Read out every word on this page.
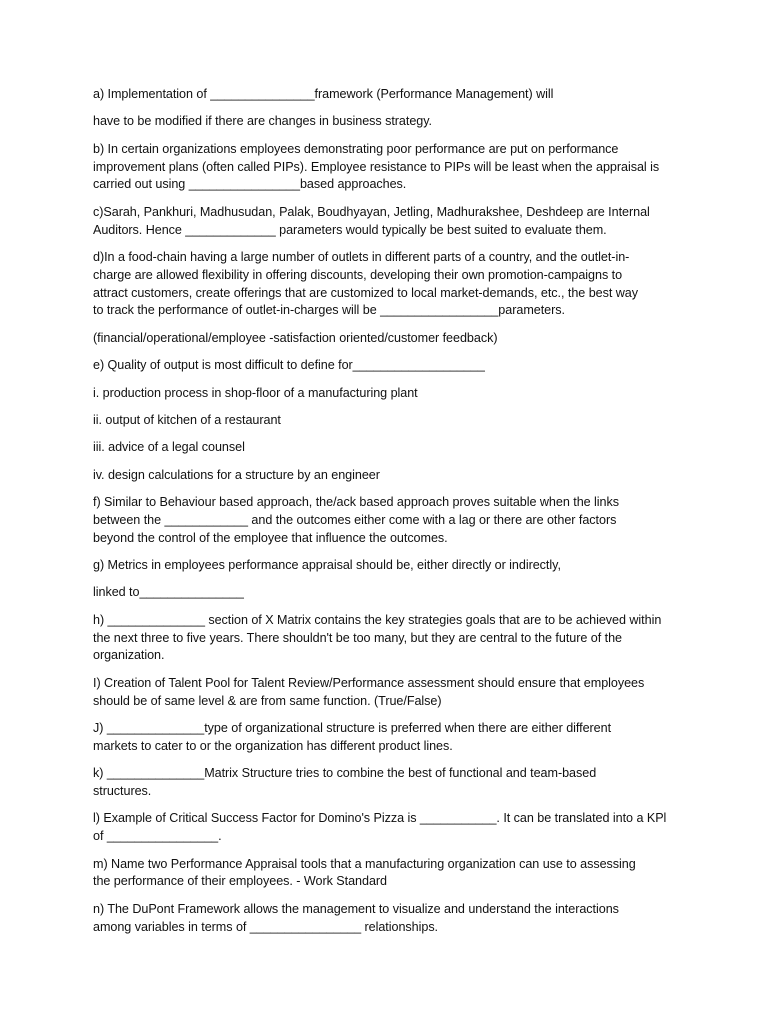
a) Implementation of _______________framework (Performance Management) will

have to be modified if there are changes in business strategy.

b) In certain organizations employees demonstrating poor performance are put on performance
improvement plans (often called PIPs). Employee resistance to PIPs will be least when the appraisal is
carried out using ________________based approaches.

c)Sarah, Pankhuri, Madhusudan, Palak, Boudhyayan, Jetling, Madhurakshee, Deshdeep are Internal
Auditors. Hence _____________ parameters would typically be best suited to evaluate them.

d)In a food-chain having a large number of outlets in different parts of a country, and the outlet-in-
charge are allowed flexibility in offering discounts, developing their own promotion-campaigns to
attract customers, create offerings that are customized to local market-demands, etc., the best way
to track the performance of outlet-in-charges will be _________________parameters.

(financial/operational/employee -satisfaction oriented/customer feedback)

e) Quality of output is most difficult to define for___________________

i. production process in shop-floor of a manufacturing plant

ii. output of kitchen of a restaurant

iii. advice of a legal counsel

iv. design calculations for a structure by an engineer

f) Similar to Behaviour based approach, the/ack based approach proves suitable when the links
between the ____________ and the outcomes either come with a lag or there are other factors
beyond the control of the employee that influence the outcomes.

g) Metrics in employees performance appraisal should be, either directly or indirectly,

linked to_______________

h) ______________ section of X Matrix contains the key strategies goals that are to be achieved within
the next three to five years. There shouldn't be too many, but they are central to the future of the
organization.

I) Creation of Talent Pool for Talent Review/Performance assessment should ensure that employees
should be of same level & are from same function. (True/False)

J) ______________type of organizational structure is preferred when there are either different
markets to cater to or the organization has different product lines.

k) ______________Matrix Structure tries to combine the best of functional and team-based
structures.

l) Example of Critical Success Factor for Domino's Pizza is ___________. It can be translated into a KPl
of ________________.

m) Name two Performance Appraisal tools that a manufacturing organization can use to assessing
the performance of their employees. - Work Standard

n) The DuPont Framework allows the management to visualize and understand the interactions
among variables in terms of ________________ relationships.
